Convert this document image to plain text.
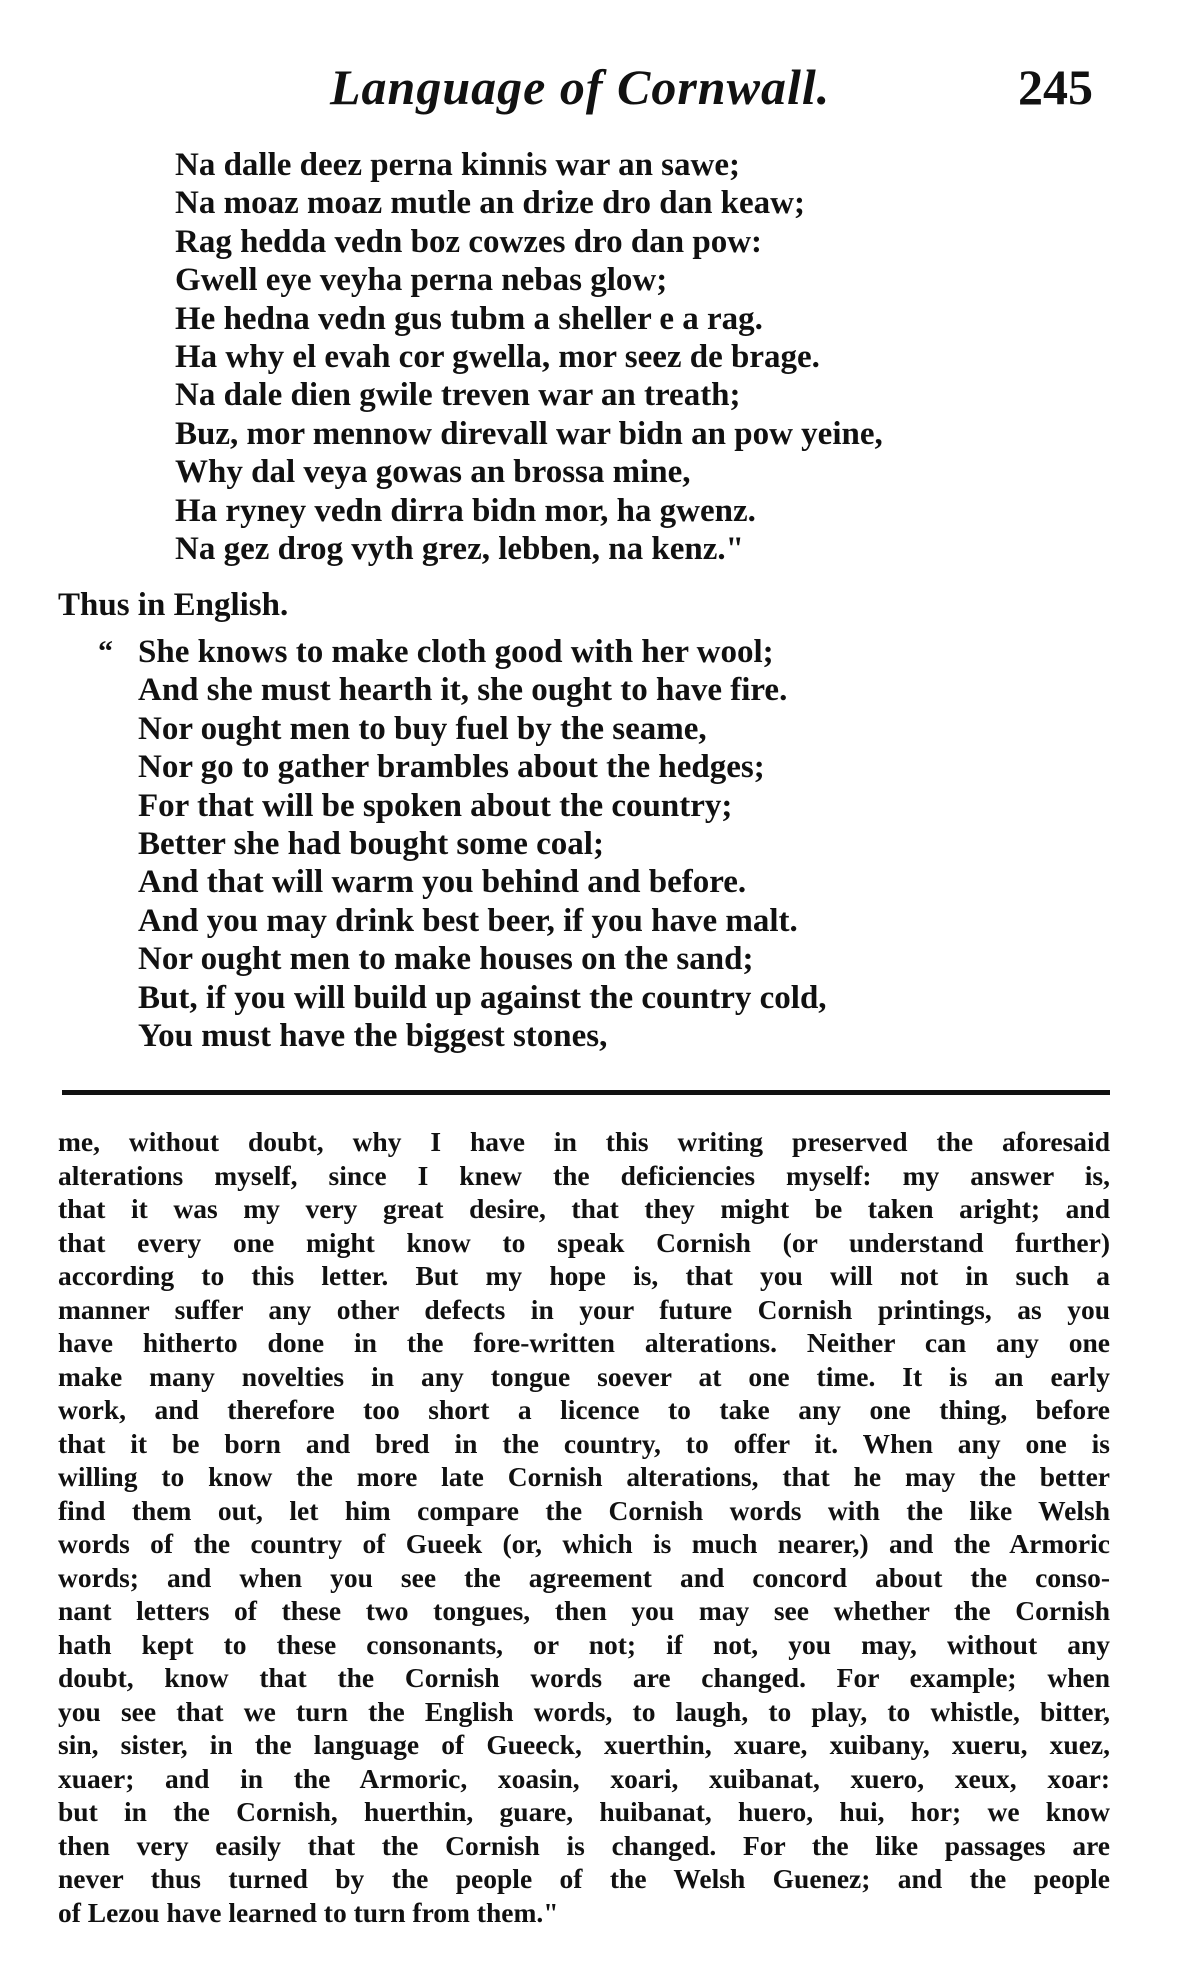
Language of Cornwall.	245
Na dalle deez perna kinnis war an sawe;
Na moaz moaz mutle an drize dro dan keaw;
Rag hedda vedn boz cowzes dro dan pow:
Gwell eye veyha perna nebas glow;
He hedna vedn gus tubm a sheller e a rag.
Ha why el evah cor gwella, mor seez de brage.
Na dale dien gwile treven war an treath;
Buz, mor mennow direvall war bidn an pow yeine,
Why dal veya gowas an brossa mine,
Ha ryney vedn dirra bidn mor, ha gwenz.
Na gez drog vyth grez, lebben, na kenz."
Thus in English.
“ She knows to make cloth good with her wool;
And she must hearth it, she ought to have fire.
Nor ought men to buy fuel by the seame,
Nor go to gather brambles about the hedges;
For that will be spoken about the country;
Better she had bought some coal;
And that will warm you behind and before.
And you may drink best beer, if you have malt.
Nor ought men to make houses on the sand;
But, if you will build up against the country cold,
You must have the biggest stones,
me, without doubt, why I have in this writing preserved the aforesaid
alterations myself, since I knew the deficiencies myself: my answer is,
that it was my very great desire, that they might be taken aright; and
that every one might know to speak Cornish (or understand further)
according to this letter. But my hope is, that you will not in such a
manner suffer any other defects in your future Cornish printings, as you
have hitherto done in the fore-written alterations. Neither can any one
make many novelties in any tongue soever at one time. It is an early
work, and therefore too short a licence to take any one thing, before
that it be born and bred in the country, to offer it. When any one is
willing to know the more late Cornish alterations, that he may the better
find them out, let him compare the Cornish words with the like Welsh
words of the country of Gueek (or, which is much nearer,) and the Armoric
words; and when you see the agreement and concord about the conso-
nant letters of these two tongues, then you may see whether the Cornish
hath kept to these consonants, or not; if not, you may, without any
doubt, know that the Cornish words are changed. For example; when
you see that we turn the English words, to laugh, to play, to whistle, bitter,
sin, sister, in the language of Gueeck, xuerthin, xuare, xuibany, xueru, xuez,
xuaer; and in the Armoric, xoasin, xoari, xuibanat, xuero, xeux, xoar:
but in the Cornish, huerthin, guare, huibanat, huero, hui, hor; we know
then very easily that the Cornish is changed. For the like passages are
never thus turned by the people of the Welsh Guenez; and the people
of Lezou have learned to turn from them."
